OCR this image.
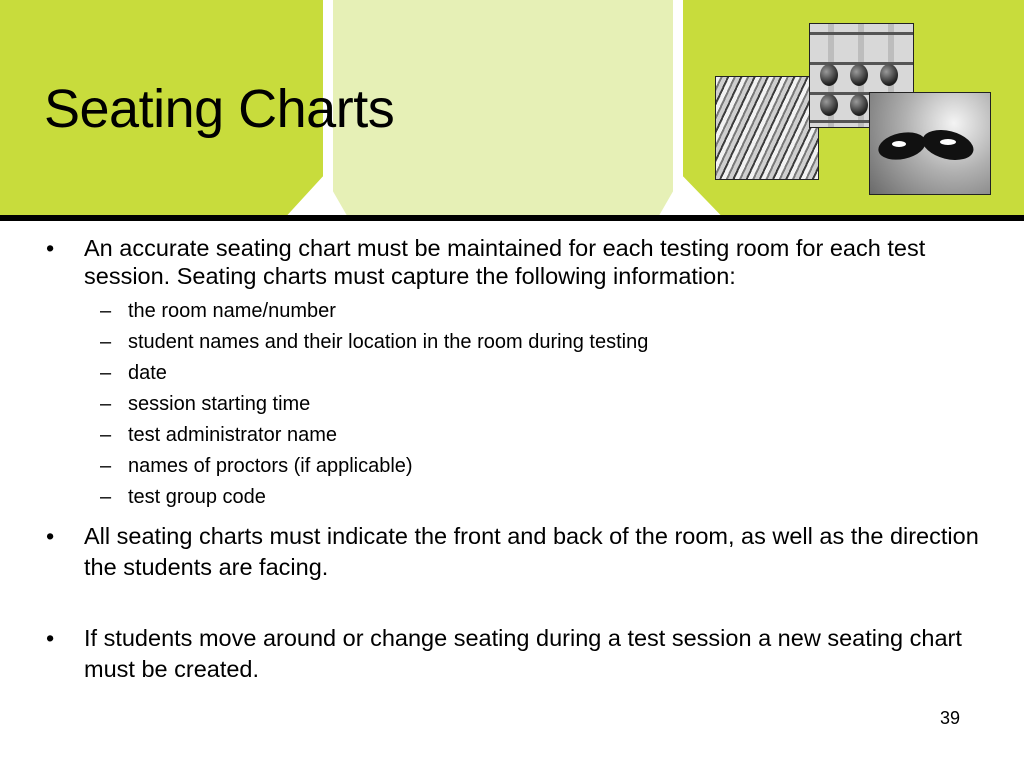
Seating Charts
• An accurate seating chart must be maintained for each testing room for each test session. Seating charts must capture the following information:
– the room name/number
– student names and their location in the room during testing
– date
– session starting time
– test administrator name
– names of proctors (if applicable)
– test group code
• All seating charts must indicate the front and back of the room, as well as the direction the students are facing.
• If students move around or change seating during a test session a new seating chart must be created.
39
